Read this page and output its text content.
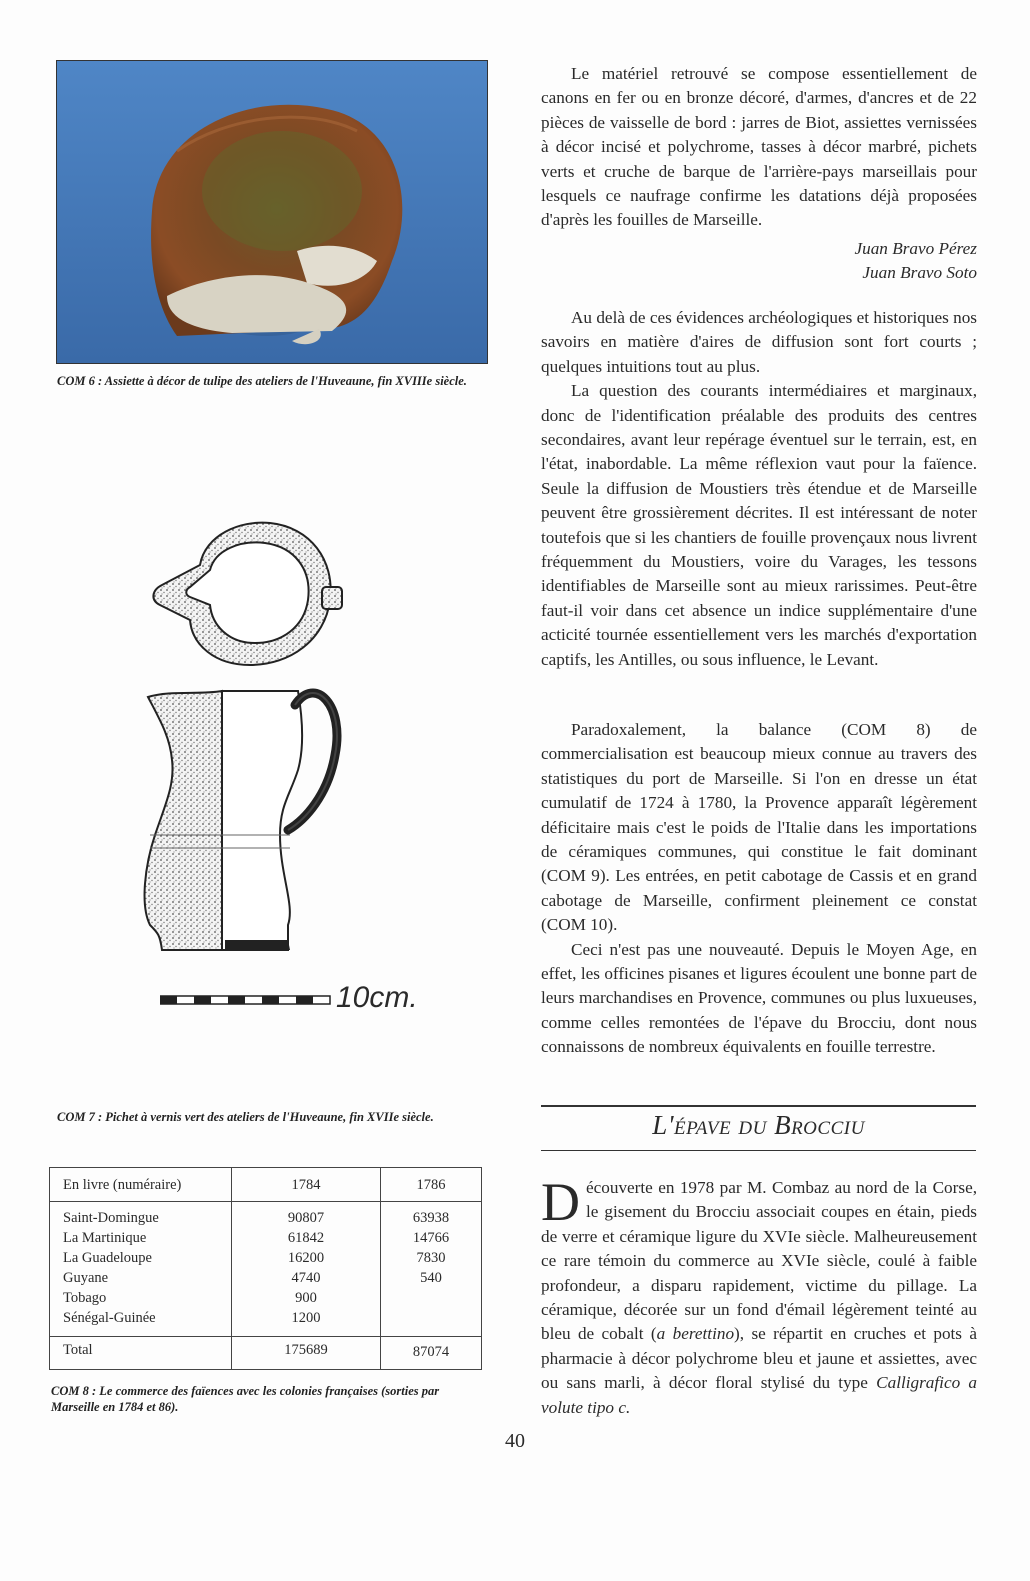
COM 6 : Assiette à décor de tulipe des ateliers de l'Huveaune, fin XVIIIe siècle.

10cm.

COM 7 : Pichet à vernis vert des ateliers de l'Huveaune, fin XVIIe siècle.

En livre (numéraire)	1784	1786
Saint-Domingue	90807	63938
La Martinique	61842	14766
La Guadeloupe	16200	7830
Guyane	4740	540
Tobago	900
Sénégal-Guinée	1200
Total	175689	87074

COM 8 : Le commerce des faïences avec les colonies françaises (sorties par Marseille en 1784 et 86).

Le matériel retrouvé se compose essentiellement de canons en fer ou en bronze décoré, d'armes, d'ancres et de 22 pièces de vaisselle de bord : jarres de Biot, assiettes vernissées à décor incisé et polychrome, tasses à décor marbré, pichets verts et cruche de barque de l'arrière-pays marseillais pour lesquels ce naufrage confirme les datations déjà proposées d'après les fouilles de Marseille.

Juan Bravo Pérez

Juan Bravo Soto

Au delà de ces évidences archéologiques et historiques nos savoirs en matière d'aires de diffusion sont fort courts ; quelques intuitions tout au plus.

La question des courants intermédiaires et marginaux, donc de l'identification préalable des produits des centres secondaires, avant leur repérage éventuel sur le terrain, est, en l'état, inabordable. La même réflexion vaut pour la faïence. Seule la diffusion de Moustiers très étendue et de Marseille peuvent être grossièrement décrites. Il est intéressant de noter toutefois que si les chantiers de fouille provençaux nous livrent fréquemment du Moustiers, voire du Varages, les tessons identifiables de Marseille sont au mieux rarissimes. Peut-être faut-il voir dans cet absence un indice supplémentaire d'une acticité tournée essentiellement vers les marchés d'exportation captifs, les Antilles, ou sous influence, le Levant.

Paradoxalement, la balance (COM 8) de commercialisation est beaucoup mieux connue au travers des statistiques du port de Marseille. Si l'on en dresse un état cumulatif de 1724 à 1780, la Provence apparaît légèrement déficitaire mais c'est le poids de l'Italie dans les importations de céramiques communes, qui constitue le fait dominant (COM 9). Les entrées, en petit cabotage de Cassis et en grand cabotage de Marseille, confirment pleinement ce constat (COM 10).

Ceci n'est pas une nouveauté. Depuis le Moyen Age, en effet, les officines pisanes et ligures écoulent une bonne part de leurs marchandises en Provence, communes ou plus luxueuses, comme celles remontées de l'épave du Brocciu, dont nous connaissons de nombreux équivalents en fouille terrestre.

L'épave du Brocciu
Découverte en 1978 par M. Combaz au nord de la Corse, le gisement du Brocciu associait coupes en étain, pieds de verre et céramique ligure du XVIe siècle. Malheureusement ce rare témoin du commerce au XVIe siècle, coulé à faible profondeur, a disparu rapidement, victime du pillage. La céramique, décorée sur un fond d'émail légèrement teinté au bleu de cobalt (a berettino), se répartit en cruches et pots à pharmacie à décor polychrome bleu et jaune et assiettes, avec ou sans marli, à décor floral stylisé du type Calligrafico a volute tipo c.
40
